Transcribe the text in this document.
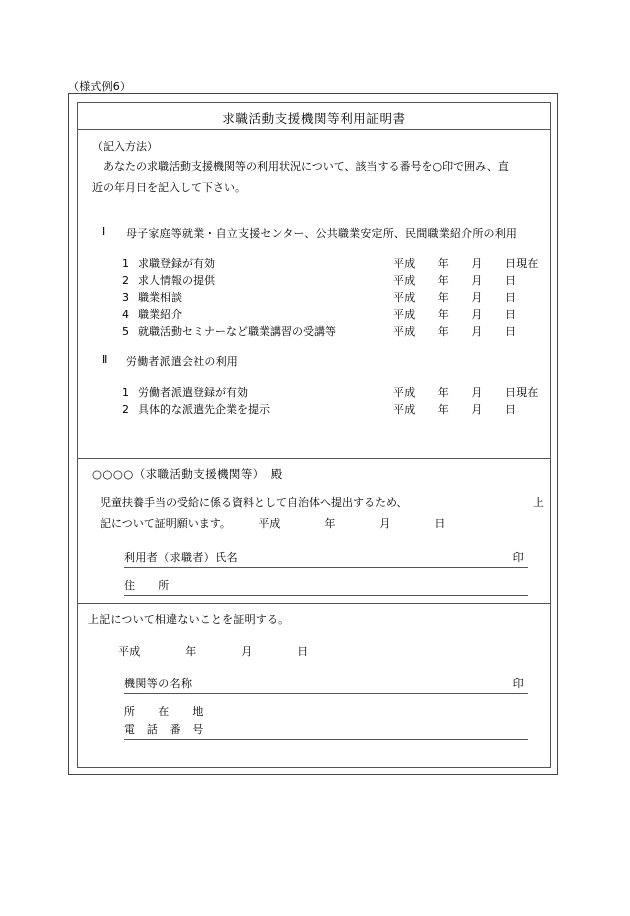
（様式例6）
求職活動支援機関等利用証明書
（記入方法）
あなたの求職活動支援機関等の利用状況について、該当する番号を○印で囲み、直
近の年月日を記入して下さい。
Ⅰ	母子家庭等就業・自立支援センター、公共職業安定所、民間職業紹介所の利用
1 求職登録が有効	平成　　年　　月　　日現在
2 求人情報の提供	平成　　年　　月　　日
3 職業相談	平成　　年　　月　　日
4 職業紹介	平成　　年　　月　　日
5 就職活動セミナーなど職業講習の受講等	平成　　年　　月　　日
Ⅱ	労働者派遣会社の利用
1 労働者派遣登録が有効	平成　　年　　月　　日現在
2 具体的な派遣先企業を提示	平成　　年　　月　　日
○○○○（求職活動支援機関等）　殿
児童扶養手当の受給に係る資料として自治体へ提出するため、	上
記について証明願います。　　　平成　　　　年　　　　月　　　　日
利用者（求職者）氏名	印
住　　所
上記について相違ないことを証明する。
平成　　　　年　　　　月　　　　日
機関等の名称	印
所　　在　　地
電　話　番　号
